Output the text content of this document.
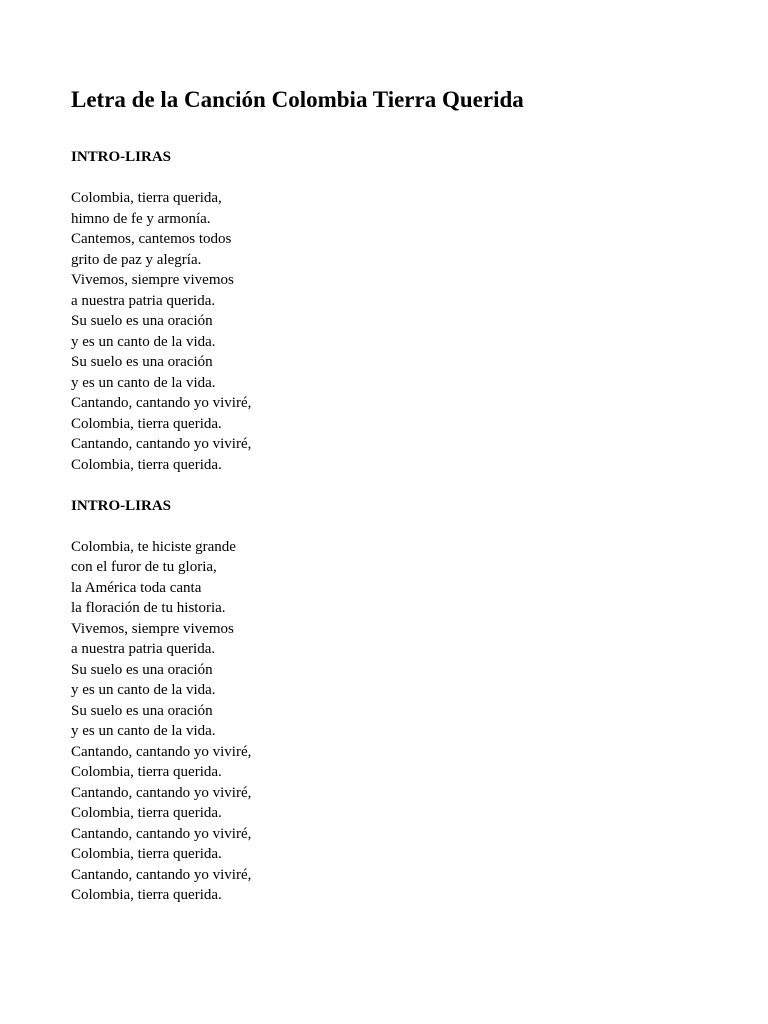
Letra de la Canción Colombia Tierra Querida
INTRO-LIRAS
Colombia, tierra querida,
himno de fe y armonía.
Cantemos, cantemos todos
grito de paz y alegría.
Vivemos, siempre vivemos
a nuestra patria querida.
Su suelo es una oración
y es un canto de la vida.
Su suelo es una oración
y es un canto de la vida.
Cantando, cantando yo viviré,
Colombia, tierra querida.
Cantando, cantando yo viviré,
Colombia, tierra querida.
INTRO-LIRAS
Colombia, te hiciste grande
con el furor de tu gloria,
la América toda canta
la floración de tu historia.
Vivemos, siempre vivemos
a nuestra patria querida.
Su suelo es una oración
y es un canto de la vida.
Su suelo es una oración
y es un canto de la vida.
Cantando, cantando yo viviré,
Colombia, tierra querida.
Cantando, cantando yo viviré,
Colombia, tierra querida.
Cantando, cantando yo viviré,
Colombia, tierra querida.
Cantando, cantando yo viviré,
Colombia, tierra querida.
